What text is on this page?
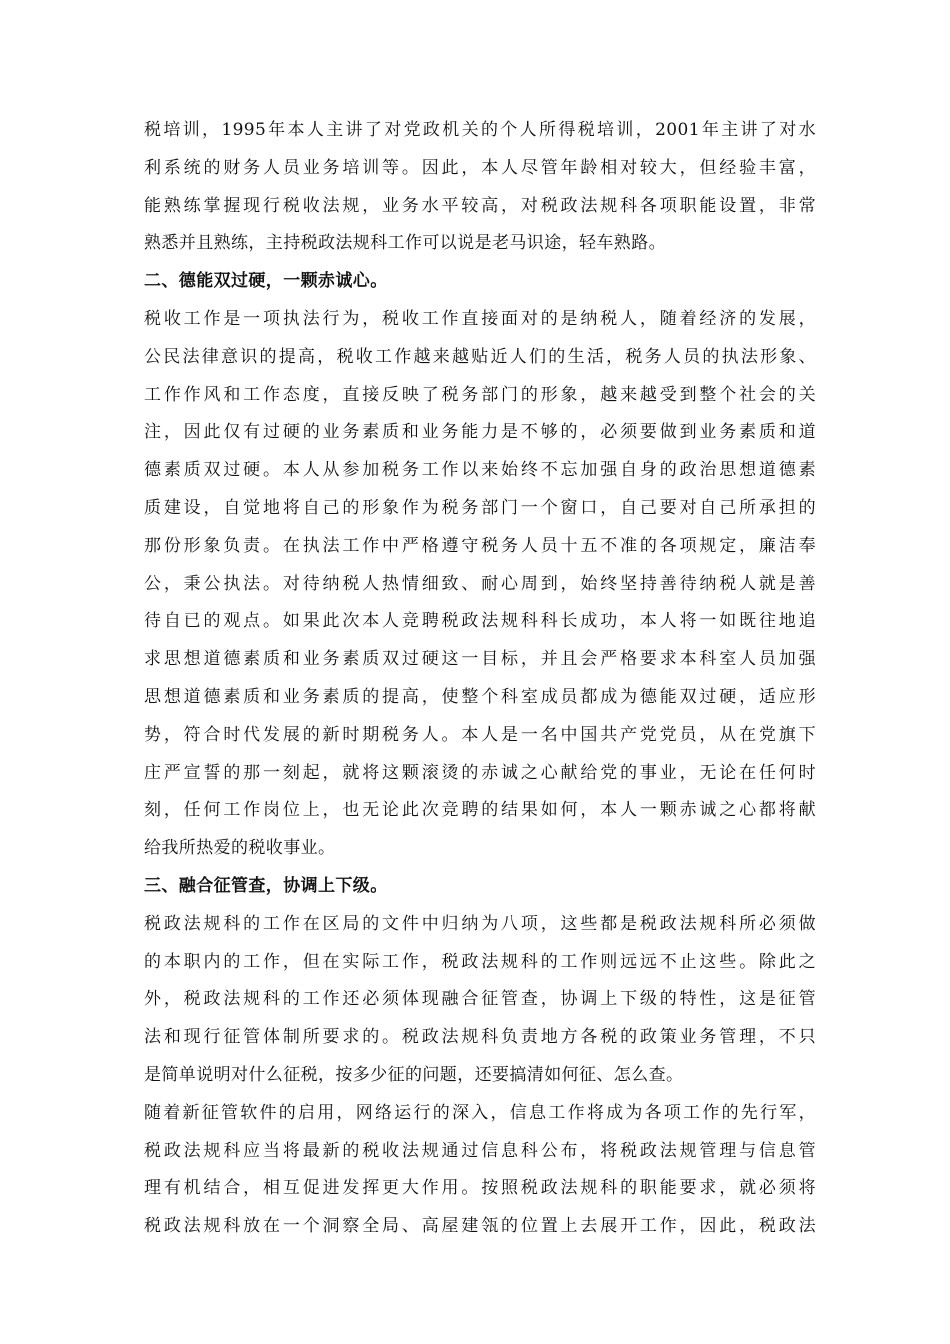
税培训，1995年本人主讲了对党政机关的个人所得税培训，2001年主讲了对水
利系统的财务人员业务培训等。因此，本人尽管年龄相对较大，但经验丰富，
能熟练掌握现行税收法规，业务水平较高，对税政法规科各项职能设置，非常
熟悉并且熟练，主持税政法规科工作可以说是老马识途，轻车熟路。
二、德能双过硬，一颗赤诚心。
税收工作是一项执法行为，税收工作直接面对的是纳税人，随着经济的发展，
公民法律意识的提高，税收工作越来越贴近人们的生活，税务人员的执法形象、
工作作风和工作态度，直接反映了税务部门的形象，越来越受到整个社会的关
注，因此仅有过硬的业务素质和业务能力是不够的，必须要做到业务素质和道
德素质双过硬。本人从参加税务工作以来始终不忘加强自身的政治思想道德素
质建设，自觉地将自己的形象作为税务部门一个窗口，自己要对自己所承担的
那份形象负责。在执法工作中严格遵守税务人员十五不准的各项规定，廉洁奉
公，秉公执法。对待纳税人热情细致、耐心周到，始终坚持善待纳税人就是善
待自已的观点。如果此次本人竞聘税政法规科科长成功，本人将一如既往地追
求思想道德素质和业务素质双过硬这一目标，并且会严格要求本科室人员加强
思想道德素质和业务素质的提高，使整个科室成员都成为德能双过硬，适应形
势，符合时代发展的新时期税务人。本人是一名中国共产党党员，从在党旗下
庄严宣誓的那一刻起，就将这颗滚烫的赤诚之心献给党的事业，无论在任何时
刻，任何工作岗位上，也无论此次竞聘的结果如何，本人一颗赤诚之心都将献
给我所热爱的税收事业。
三、融合征管查，协调上下级。
税政法规科的工作在区局的文件中归纳为八项，这些都是税政法规科所必须做
的本职内的工作，但在实际工作，税政法规科的工作则远远不止这些。除此之
外，税政法规科的工作还必须体现融合征管查，协调上下级的特性，这是征管
法和现行征管体制所要求的。税政法规科负责地方各税的政策业务管理，不只
是简单说明对什么征税，按多少征的问题，还要搞清如何征、怎么查。
随着新征管软件的启用，网络运行的深入，信息工作将成为各项工作的先行军，
税政法规科应当将最新的税收法规通过信息科公布，将税政法规管理与信息管
理有机结合，相互促进发挥更大作用。按照税政法规科的职能要求，就必须将
税政法规科放在一个洞察全局、高屋建瓴的位置上去展开工作，因此，税政法
